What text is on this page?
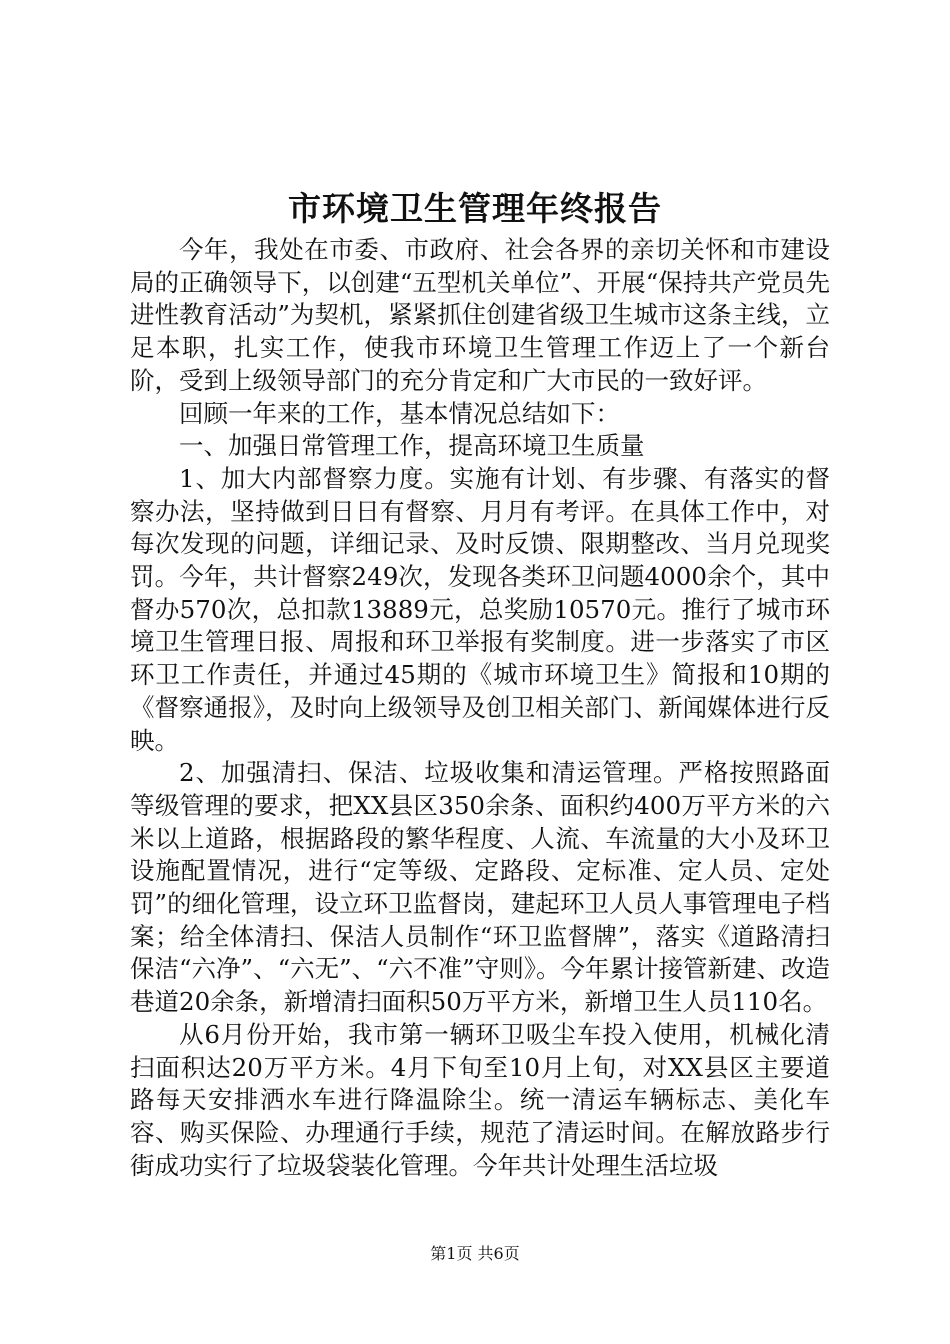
市环境卫生管理年终报告

今年，我处在市委、市政府、社会各界的亲切关怀和市建设局的正确领导下，以创建“五型机关单位”、开展“保持共产党员先进性教育活动”为契机，紧紧抓住创建省级卫生城市这条主线，立足本职，扎实工作，使我市环境卫生管理工作迈上了一个新台阶，受到上级领导部门的充分肯定和广大市民的一致好评。

回顾一年来的工作，基本情况总结如下：

一、加强日常管理工作，提高环境卫生质量

1、加大内部督察力度。实施有计划、有步骤、有落实的督察办法，坚持做到日日有督察、月月有考评。在具体工作中，对每次发现的问题，详细记录、及时反馈、限期整改、当月兑现奖罚。今年，共计督察249次，发现各类环卫问题4000余个，其中督办570次，总扣款13889元，总奖励10570元。推行了城市环境卫生管理日报、周报和环卫举报有奖制度。进一步落实了市区环卫工作责任，并通过45期的《城市环境卫生》简报和10期的《督察通报》，及时向上级领导及创卫相关部门、新闻媒体进行反映。

2、加强清扫、保洁、垃圾收集和清运管理。严格按照路面等级管理的要求，把XX县区350余条、面积约400万平方米的六米以上道路，根据路段的繁华程度、人流、车流量的大小及环卫设施配置情况，进行“定等级、定路段、定标准、定人员、定处罚”的细化管理，设立环卫监督岗，建起环卫人员人事管理电子档案；给全体清扫、保洁人员制作“环卫监督牌”，落实《道路清扫保洁“六净”、“六无”、“六不准”守则》。今年累计接管新建、改造巷道20余条，新增清扫面积50万平方米，新增卫生人员110名。

从6月份开始，我市第一辆环卫吸尘车投入使用，机械化清扫面积达20万平方米。4月下旬至10月上旬，对XX县区主要道路每天安排洒水车进行降温除尘。统一清运车辆标志、美化车容、购买保险、办理通行手续，规范了清运时间。在解放路步行街成功实行了垃圾袋装化管理。今年共计处理生活垃圾

第1页 共6页
